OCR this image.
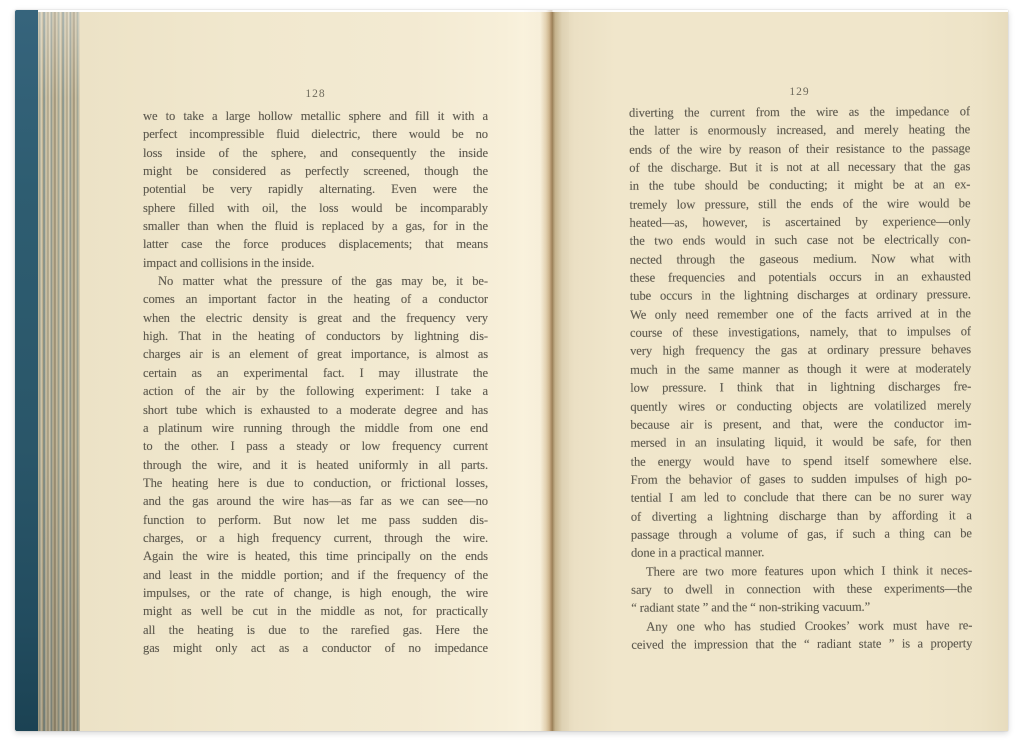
128
we to take a large hollow metallic sphere and fill it with a
perfect incompressible fluid dielectric, there would be no
loss inside of the sphere, and consequently the inside
might be considered as perfectly screened, though the
potential be very rapidly alternating. Even were the
sphere filled with oil, the loss would be incomparably
smaller than when the fluid is replaced by a gas, for in the
latter case the force produces displacements; that means
impact and collisions in the inside.
No matter what the pressure of the gas may be, it be-
comes an important factor in the heating of a conductor
when the electric density is great and the frequency very
high. That in the heating of conductors by lightning dis-
charges air is an element of great importance, is almost as
certain as an experimental fact. I may illustrate the
action of the air by the following experiment: I take a
short tube which is exhausted to a moderate degree and has
a platinum wire running through the middle from one end
to the other. I pass a steady or low frequency current
through the wire, and it is heated uniformly in all parts.
The heating here is due to conduction, or frictional losses,
and the gas around the wire has—as far as we can see—no
function to perform. But now let me pass sudden dis-
charges, or a high frequency current, through the wire.
Again the wire is heated, this time principally on the ends
and least in the middle portion; and if the frequency of the
impulses, or the rate of change, is high enough, the wire
might as well be cut in the middle as not, for practically
all the heating is due to the rarefied gas. Here the
gas might only act as a conductor of no impedance
129
diverting the current from the wire as the impedance of
the latter is enormously increased, and merely heating the
ends of the wire by reason of their resistance to the passage
of the discharge. But it is not at all necessary that the gas
in the tube should be conducting; it might be at an ex-
tremely low pressure, still the ends of the wire would be
heated—as, however, is ascertained by experience—only
the two ends would in such case not be electrically con-
nected through the gaseous medium. Now what with
these frequencies and potentials occurs in an exhausted
tube occurs in the lightning discharges at ordinary pressure.
We only need remember one of the facts arrived at in the
course of these investigations, namely, that to impulses of
very high frequency the gas at ordinary pressure behaves
much in the same manner as though it were at moderately
low pressure. I think that in lightning discharges fre-
quently wires or conducting objects are volatilized merely
because air is present, and that, were the conductor im-
mersed in an insulating liquid, it would be safe, for then
the energy would have to spend itself somewhere else.
From the behavior of gases to sudden impulses of high po-
tential I am led to conclude that there can be no surer way
of diverting a lightning discharge than by affording it a
passage through a volume of gas, if such a thing can be
done in a practical manner.
There are two more features upon which I think it neces-
sary to dwell in connection with these experiments—the
“ radiant state ” and the “ non-striking vacuum.”
Any one who has studied Crookes’ work must have re-
ceived the impression that the “ radiant state ” is a property
